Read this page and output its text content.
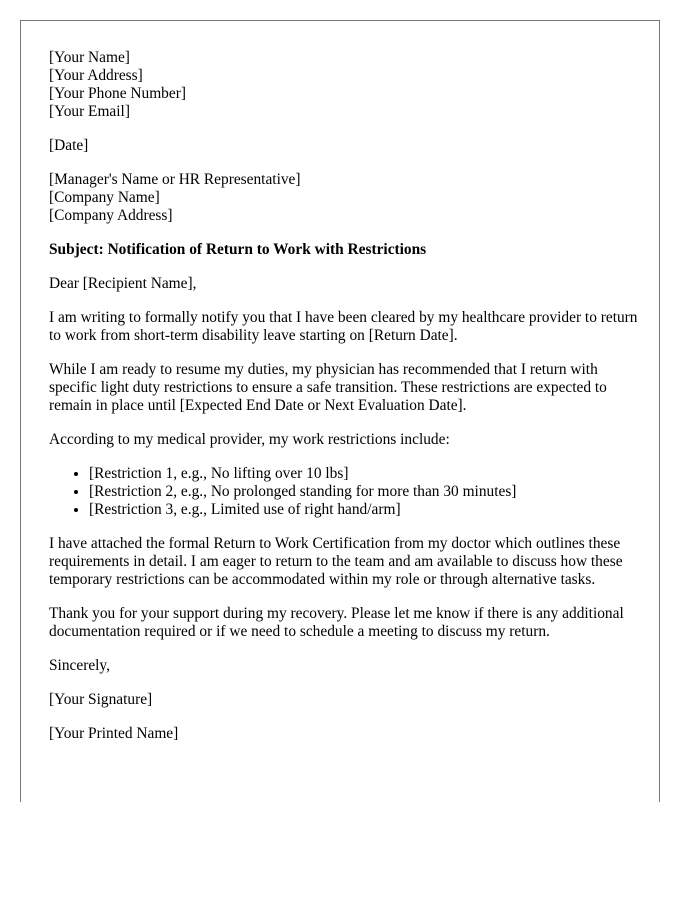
[Your Name]
[Your Address]
[Your Phone Number]
[Your Email]

[Date]

[Manager's Name or HR Representative]
[Company Name]
[Company Address]

Subject: Notification of Return to Work with Restrictions

Dear [Recipient Name],

I am writing to formally notify you that I have been cleared by my healthcare provider to return to work from short-term disability leave starting on [Return Date].

While I am ready to resume my duties, my physician has recommended that I return with specific light duty restrictions to ensure a safe transition. These restrictions are expected to remain in place until [Expected End Date or Next Evaluation Date].

According to my medical provider, my work restrictions include:

• [Restriction 1, e.g., No lifting over 10 lbs]
• [Restriction 2, e.g., No prolonged standing for more than 30 minutes]
• [Restriction 3, e.g., Limited use of right hand/arm]

I have attached the formal Return to Work Certification from my doctor which outlines these requirements in detail. I am eager to return to the team and am available to discuss how these temporary restrictions can be accommodated within my role or through alternative tasks.

Thank you for your support during my recovery. Please let me know if there is any additional documentation required or if we need to schedule a meeting to discuss my return.

Sincerely,

[Your Signature]

[Your Printed Name]
